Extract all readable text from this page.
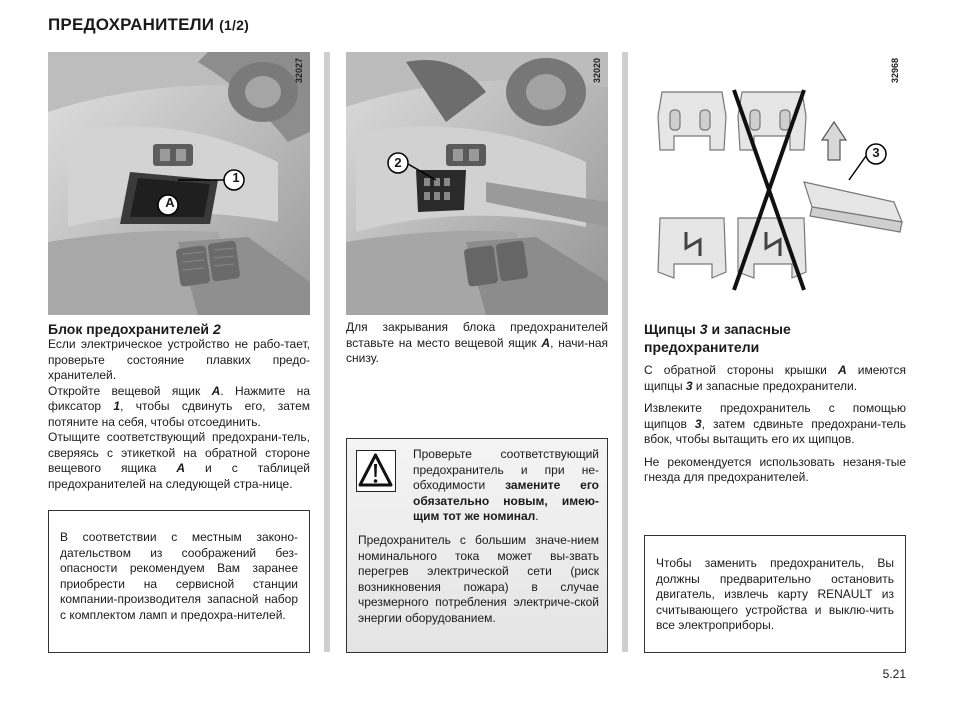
ПРЕДОХРАНИТЕЛИ (1/2)
1
A
32027
Блок предохранителей 2

Если электрическое устройство не рабо-тает, проверьте состояние плавких предо-хранителей.

Откройте вещевой ящик A. Нажмите на фиксатор 1, чтобы сдвинуть его, затем потяните на себя, чтобы отсоединить.

Отыщите соответствующий предохрани-тель, сверяясь с этикеткой на обратной стороне вещевого ящика A и с таблицей предохранителей на следующей стра-нице.

В соответствии с местным законо-дательством из соображений без-опасности рекомендуем Вам заранее приобрести на сервисной станции компании-производителя запасной набор с комплектом ламп и предохра-нителей.
2
32020

Для закрывания блока предохранителей вставьте на место вещевой ящик A, начи-ная снизу.

Проверьте соответствующий предохранитель и при не-обходимости замените его обязательно новым, имею-щим тот же номинал.
Предохранитель с большим значе-нием номинального тока может вы-звать перегрев электрической сети (риск возникновения пожара) в случае чрезмерного потребления электриче-ской энергии оборудованием.
3
32968
Щипцы 3 и запасные предохранители

С обратной стороны крышки A имеются щипцы 3 и запасные предохранители.

Извлеките предохранитель с помощью щипцов 3, затем сдвиньте предохрани-тель вбок, чтобы вытащить его их щипцов.

Не рекомендуется использовать незаня-тые гнезда для предохранителей.

Чтобы заменить предохранитель, Вы должны предварительно остановить двигатель, извлечь карту RENAULT из считывающего устройства и выклю-чить все электроприборы.
5.21
